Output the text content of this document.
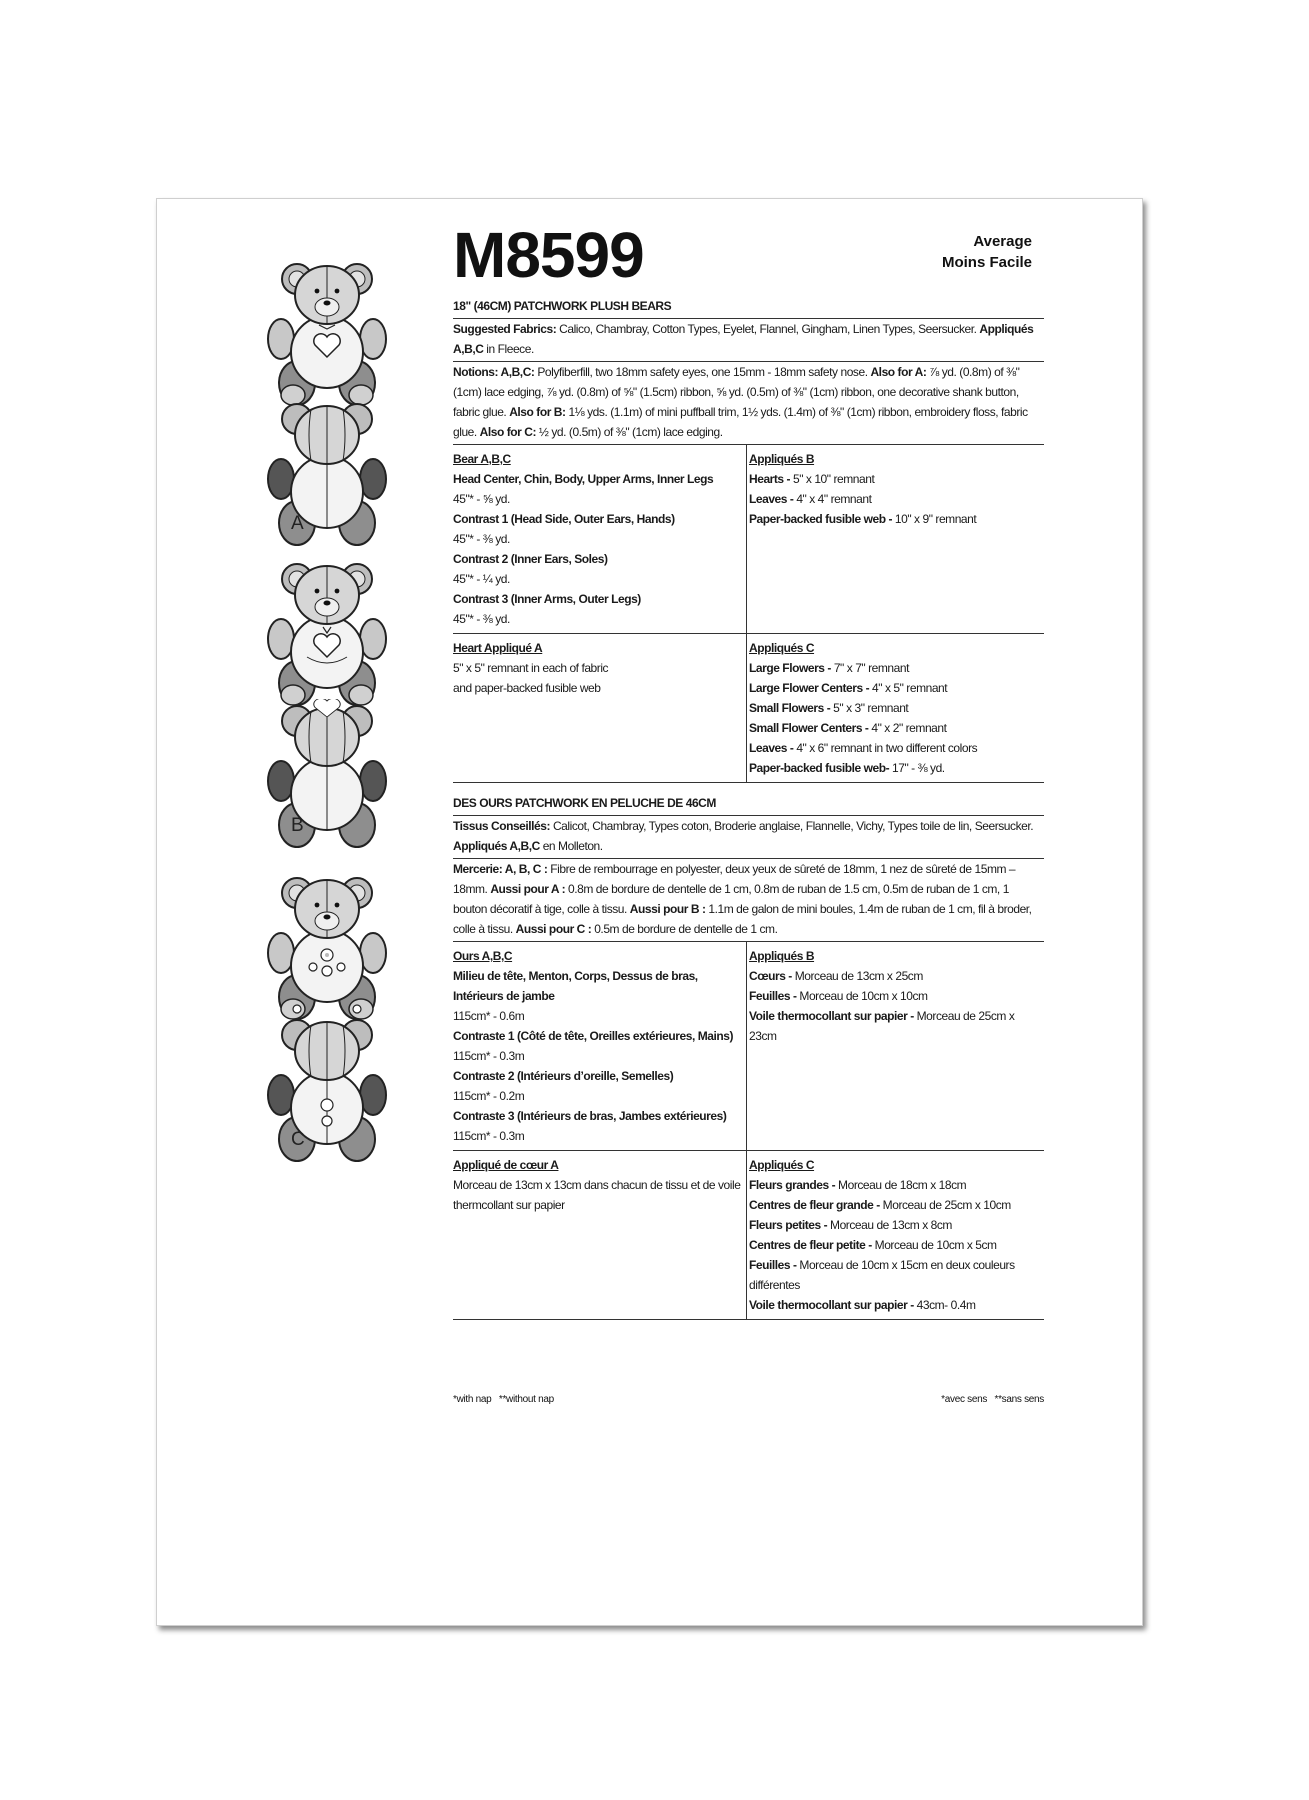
A
B
C
M8599	Average
Moins Facile
18" (46CM) PATCHWORK PLUSH BEARS

Suggested Fabrics: Calico, Chambray, Cotton Types, Eyelet, Flannel, Gingham, Linen Types, Seersucker. Appliqués A,B,C in Fleece.

Notions: A,B,C: Polyfiberfill, two 18mm safety eyes, one 15mm - 18mm safety nose. Also for A: ⅞ yd. (0.8m) of ⅜" (1cm) lace edging, ⅞ yd. (0.8m) of ⅝" (1.5cm) ribbon, ⅝ yd. (0.5m) of ⅜" (1cm) ribbon, one decorative shank button, fabric glue. Also for B: 1⅛ yds. (1.1m) of mini puffball trim, 1½ yds. (1.4m) of ⅜" (1cm) ribbon, embroidery floss, fabric glue. Also for C: ½ yd. (0.5m) of ⅜" (1cm) lace edging.

Bear A,B,C
Head Center, Chin, Body, Upper Arms, Inner Legs
45"* - ⅝ yd.
Contrast 1 (Head Side, Outer Ears, Hands)
45"* - ⅜ yd.
Contrast 2 (Inner Ears, Soles)
45"* - ¼ yd.
Contrast 3 (Inner Arms, Outer Legs)
45"* - ⅜ yd.
Appliqués B
Hearts - 5" x 10" remnant
Leaves - 4" x 4" remnant
Paper-backed fusible web - 10" x 9" remnant
Heart Appliqué A
5" x 5" remnant in each of fabric and paper-backed fusible web
Appliqués C
Large Flowers - 7" x 7" remnant
Large Flower Centers - 4" x 5" remnant
Small Flowers - 5" x 3" remnant
Small Flower Centers - 4" x 2" remnant
Leaves - 4" x 6" remnant in two different colors
Paper-backed fusible web- 17" - ⅜ yd.
DES OURS PATCHWORK EN PELUCHE DE 46CM

Tissus Conseillés: Calicot, Chambray, Types coton, Broderie anglaise, Flannelle, Vichy, Types toile de lin, Seersucker. Appliqués A,B,C en Molleton.

Mercerie: A, B, C : Fibre de rembourrage en polyester, deux yeux de sûreté de 18mm, 1 nez de sûreté de 15mm – 18mm. Aussi pour A : 0.8m de bordure de dentelle de 1 cm, 0.8m de ruban de 1.5 cm, 0.5m de ruban de 1 cm, 1 bouton décoratif à tige, colle à tissu. Aussi pour B : 1.1m de galon de mini boules, 1.4m de ruban de 1 cm, fil à broder, colle à tissu. Aussi pour C : 0.5m de bordure de dentelle de 1 cm.

Ours A,B,C
Milieu de tête, Menton, Corps, Dessus de bras, Intérieurs de jambe
115cm* - 0.6m
Contraste 1 (Côté de tête, Oreilles extérieures, Mains)
115cm* - 0.3m
Contraste 2 (Intérieurs d’oreille, Semelles)
115cm* - 0.2m
Contraste 3 (Intérieurs de bras, Jambes extérieures)
115cm* - 0.3m
Appliqués B
Cœurs - Morceau de 13cm x 25cm
Feuilles - Morceau de 10cm x 10cm
Voile thermocollant sur papier - Morceau de 25cm x 23cm
Appliqué de cœur A
Morceau de 13cm x 13cm dans chacun de tissu et de voile thermcollant sur papier
Appliqués C
Fleurs grandes - Morceau de 18cm x 18cm
Centres de fleur grande - Morceau de 25cm x 10cm
Fleurs petites - Morceau de 13cm x 8cm
Centres de fleur petite - Morceau de 10cm x 5cm
Feuilles - Morceau de 10cm x 15cm en deux couleurs différentes
Voile thermocollant sur papier - 43cm- 0.4m
*with nap   **without nap	*avec sens   **sans sens
